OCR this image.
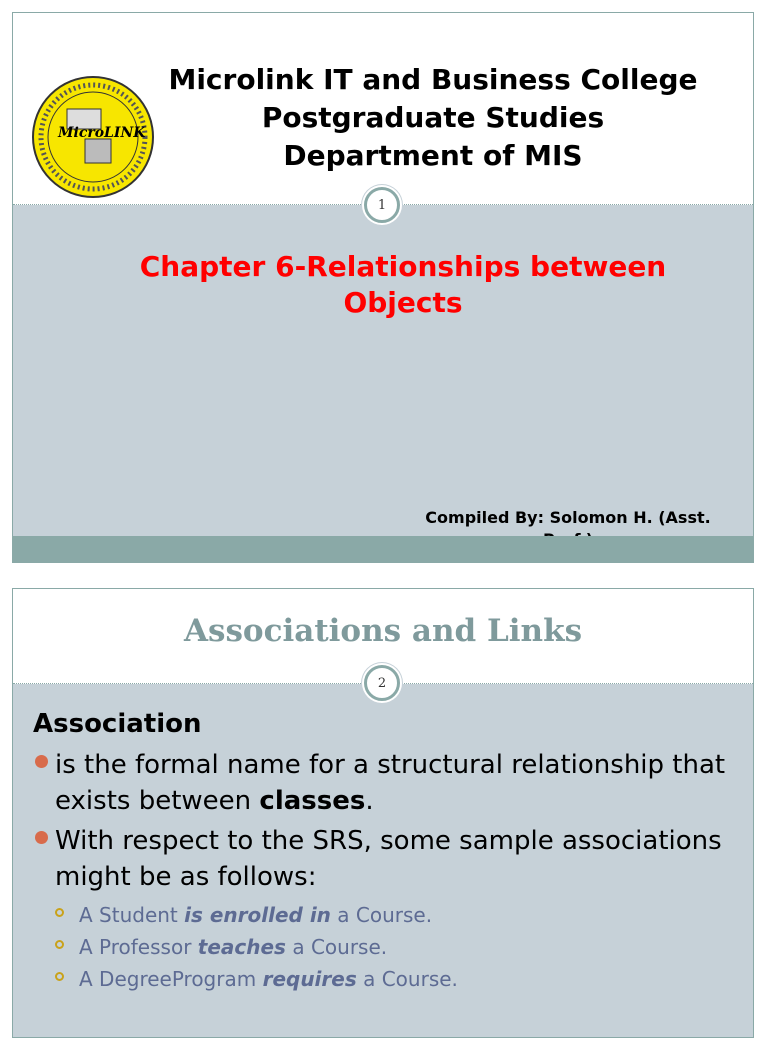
MicroLINK
Microlink IT and Business College
Postgraduate Studies
Department of MIS
1
Chapter 6-Relationships between
Objects
Compiled By: Solomon H. (Asst.
Associations and Links
2
Association
is the formal name for a structural relationship that exists between classes.
With respect to the SRS, some sample associations might be as follows:
A Student is enrolled in a Course.
A Professor teaches a Course.
A DegreeProgram requires a Course.
